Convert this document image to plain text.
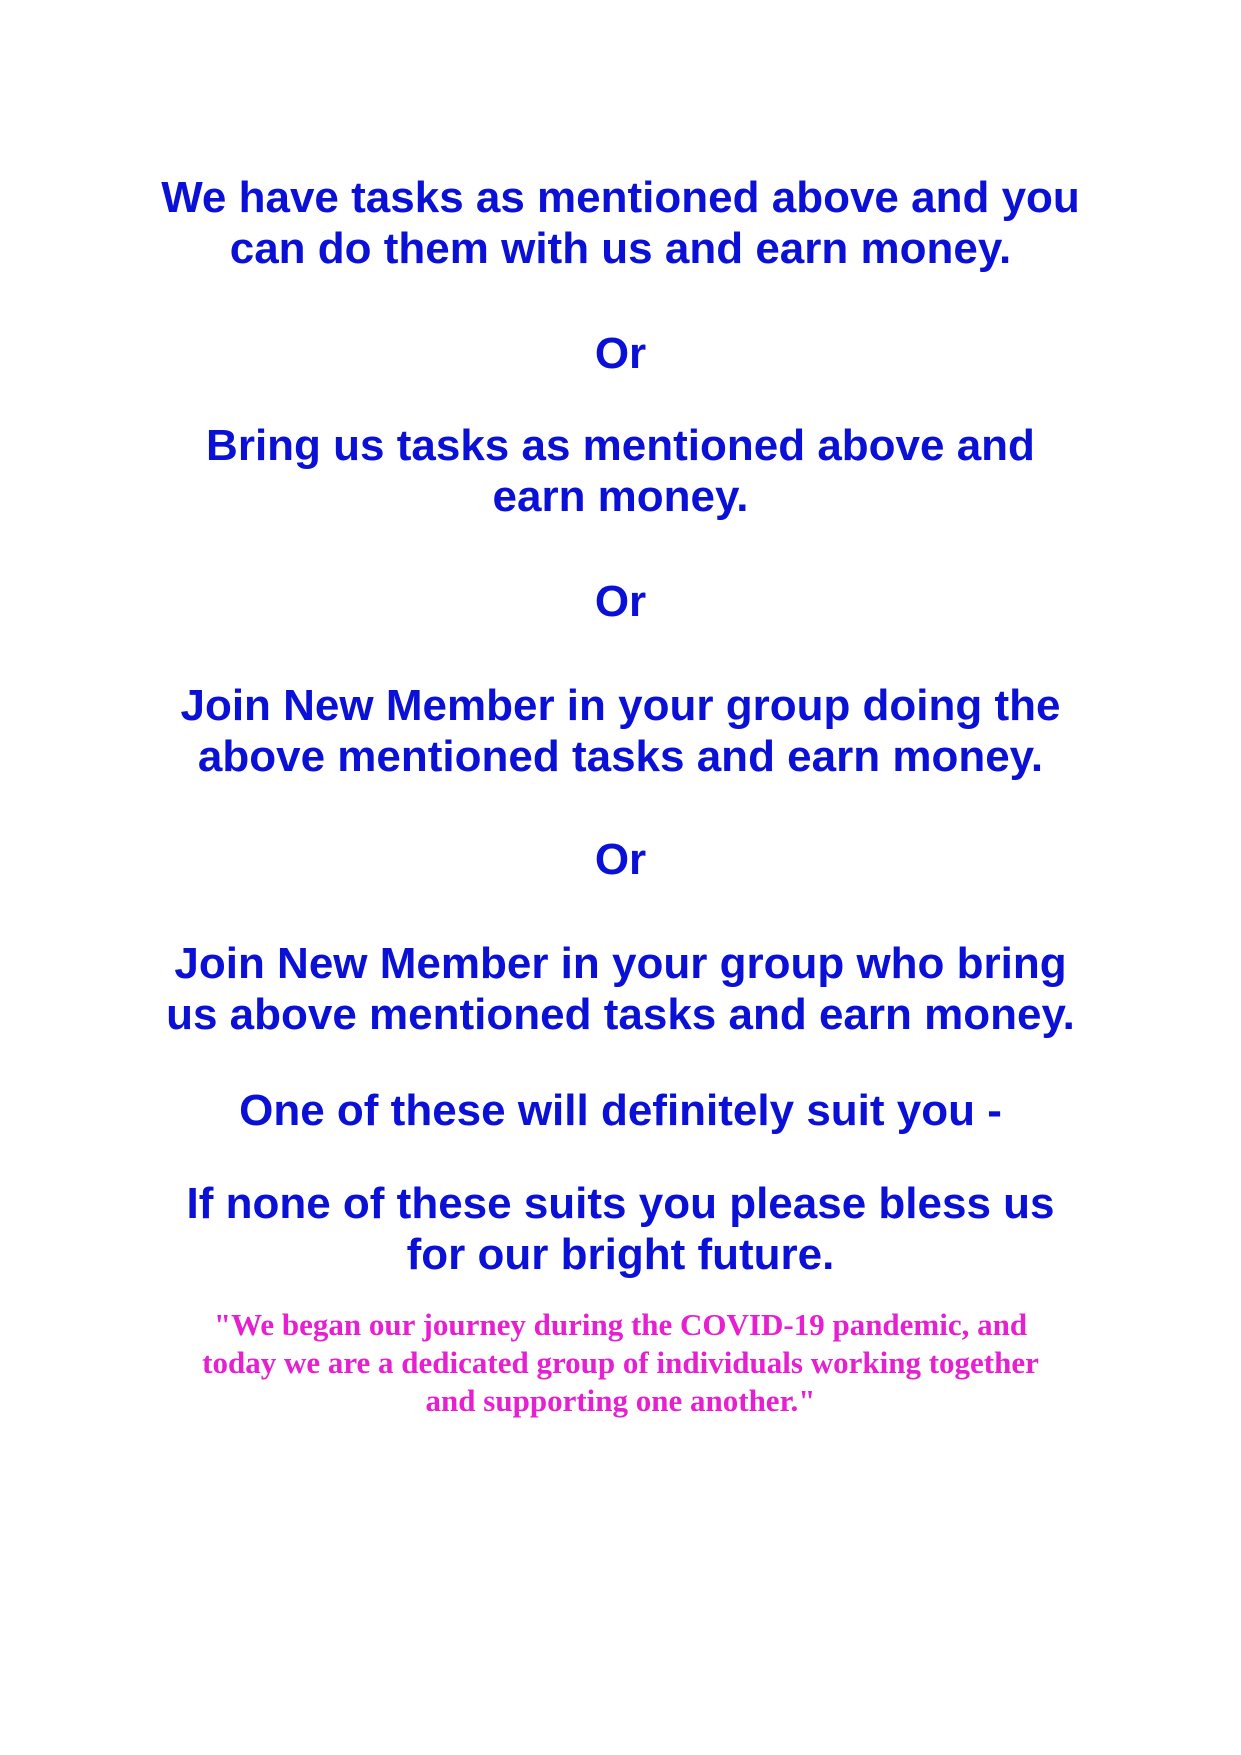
We have tasks as mentioned above and you
can do them with us and earn money.

Or

Bring us tasks as mentioned above and
earn money.

Or

Join New Member in your group doing the
above mentioned tasks and earn money.

Or

Join New Member in your group who bring
us above mentioned tasks and earn money.

One of these will definitely suit you -

If none of these suits you please bless us
for our bright future.

"We began our journey during the COVID-19 pandemic, and
today we are a dedicated group of individuals working together
and supporting one another."
